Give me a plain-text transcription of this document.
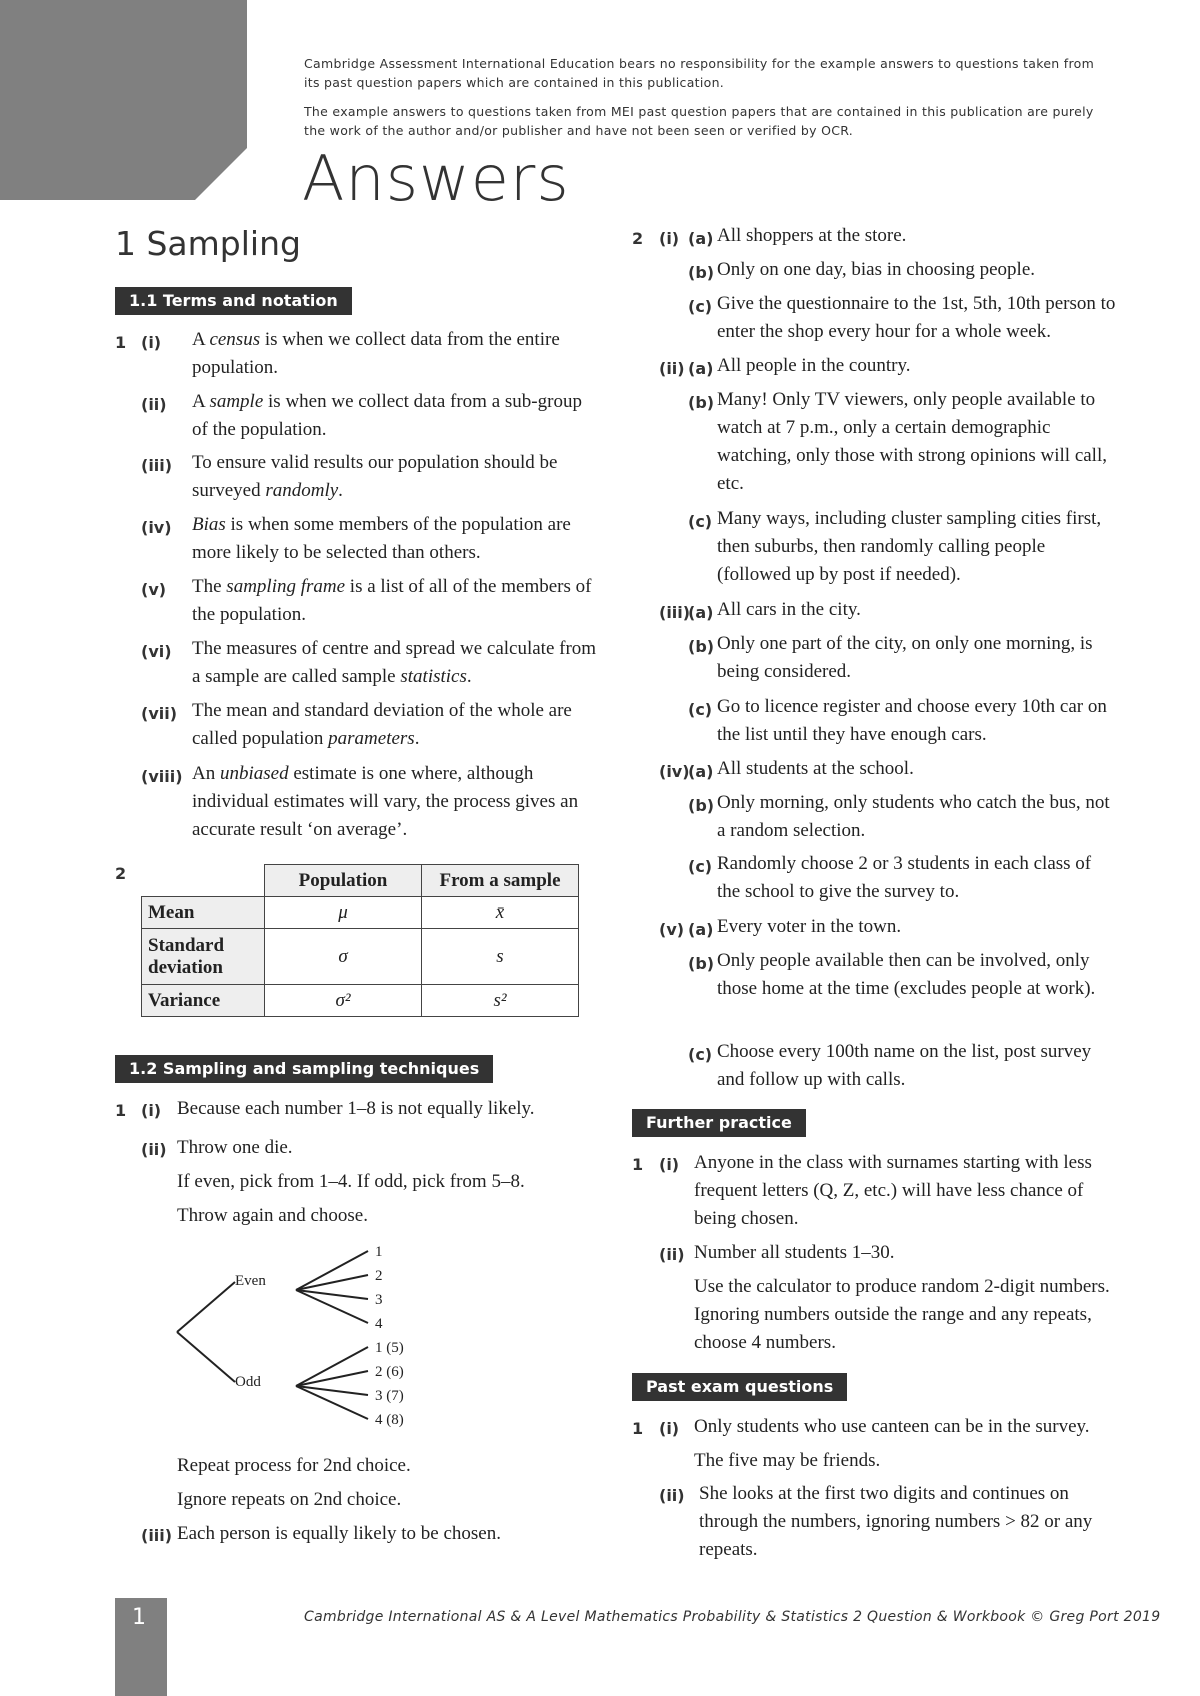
Cambridge Assessment International Education bears no responsibility for the example answers to questions taken from its past question papers which are contained in this publication.
The example answers to questions taken from MEI past question papers that are contained in this publication are purely the work of the author and/or publisher and have not been seen or verified by OCR.
Answers
1 Sampling
1.1 Terms and notation
1 (i) A census is when we collect data from the entire population.
(ii) A sample is when we collect data from a sub-group of the population.
(iii) To ensure valid results our population should be surveyed randomly.
(iv) Bias is when some members of the population are more likely to be selected than others.
(v) The sampling frame is a list of all of the members of the population.
(vi) The measures of centre and spread we calculate from a sample are called sample statistics.
(vii) The mean and standard deviation of the whole are called population parameters.
(viii) An unbiased estimate is one where, although individual estimates will vary, the process gives an accurate result ‘on average’.
2
		Population	From a sample
Mean	μ	x̄
Standard deviation	σ	s
Variance	σ²	s²
1.2 Sampling and sampling techniques
1 (i) Because each number 1–8 is not equally likely.
(ii) Throw one die.
If even, pick from 1–4. If odd, pick from 5–8.
Throw again and choose.
Even
Odd
1
2
3
4
1 (5)
2 (6)
3 (7)
4 (8)
Repeat process for 2nd choice.
Ignore repeats on 2nd choice.
(iii) Each person is equally likely to be chosen.
2 (i) (a) All shoppers at the store.
(b) Only on one day, bias in choosing people.
(c) Give the questionnaire to the 1st, 5th, 10th person to enter the shop every hour for a whole week.
(ii) (a) All people in the country.
(b) Many! Only TV viewers, only people available to watch at 7 p.m., only a certain demographic watching, only those with strong opinions will call, etc.
(c) Many ways, including cluster sampling cities first, then suburbs, then randomly calling people (followed up by post if needed).
(iii)
(a) All cars in the city.
(b) Only one part of the city, on only one morning, is being considered.
(c) Go to licence register and choose every 10th car on the list until they have enough cars.
(iv)
(a) All students at the school.
(b) Only morning, only students who catch the bus, not a random selection.
(c) Randomly choose 2 or 3 students in each class of the school to give the survey to.
(v) (a) Every voter in the town.
(b) Only people available then can be involved, only those home at the time (excludes people at work).
(c) Choose every 100th name on the list, post survey and follow up with calls.
Further practice
1 (i) Anyone in the class with surnames starting with less frequent letters (Q, Z, etc.) will have less chance of being chosen.
(ii) Number all students 1–30.
Use the calculator to produce random 2-digit numbers. Ignoring numbers outside the range and any repeats, choose 4 numbers.
Past exam questions
1 (i) Only students who use canteen can be in the survey.
The five may be friends.
(ii) She looks at the first two digits and continues on through the numbers, ignoring numbers > 82 or any repeats.
1	Cambridge International AS & A Level Mathematics Probability & Statistics 2 Question & Workbook © Greg Port 2019
